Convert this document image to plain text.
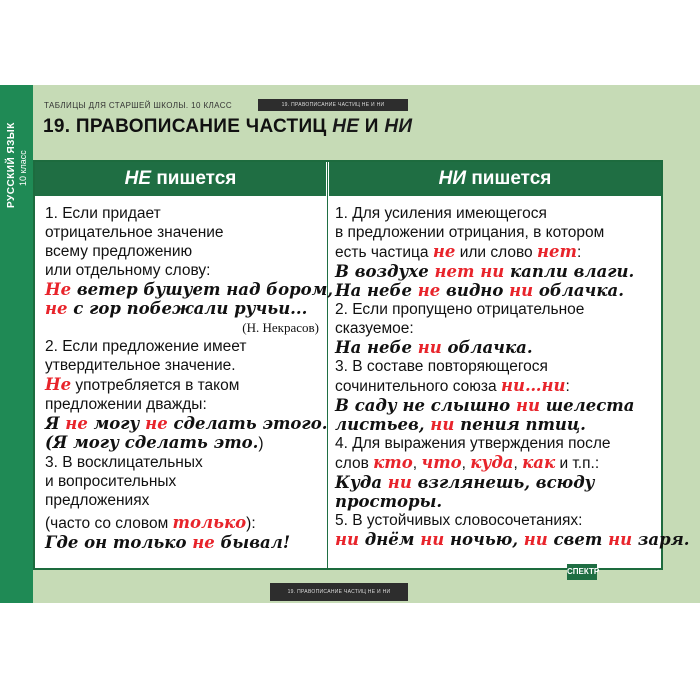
РУССКИЙ ЯЗЫК 10 класс
19. ПРАВОПИСАНИЕ ЧАСТИЦ НЕ И НИ
ТАБЛИЦЫ ДЛЯ СТАРШЕЙ ШКОЛЫ. 10 КЛАСС
19. ПРАВОПИСАНИЕ ЧАСТИЦ НЕ И НИ
НЕ пишется	НИ пишется
1. Если придает
отрицательное значение
всему предложению
или отдельному слову:
Не ветер бушует над бором,
не с гор побежали ручьи...
(Н. Некрасов)
2. Если предложение имеет
утвердительное значение.
Не употребляется в таком
предложении дважды:
Я не могу не сделать этого.
(Я могу сделать это.)
3. В восклицательных
и вопросительных
предложениях
(часто со словом только):
Где он только не бывал!
1. Для усиления имеющегося
в предложении отрицания, в котором
есть частица не или слово нет:
В воздухе нет ни капли влаги.
На небе не видно ни облачка.
2. Если пропущено отрицательное
сказуемое:
На небе ни облачка.
3. В составе повторяющегося
сочинительного союза ни…ни:
В саду не слышно ни шелеста
листьев, ни пения птиц.
4. Для выражения утверждения после
слов кто, что, куда, как и т.п.:
Куда ни взглянешь, всюду
просторы.
5. В устойчивых словосочетаниях:
ни днём ни ночью, ни свет ни заря.
19. ПРАВОПИСАНИЕ ЧАСТИЦ НЕ И НИ
СПЕКТР
